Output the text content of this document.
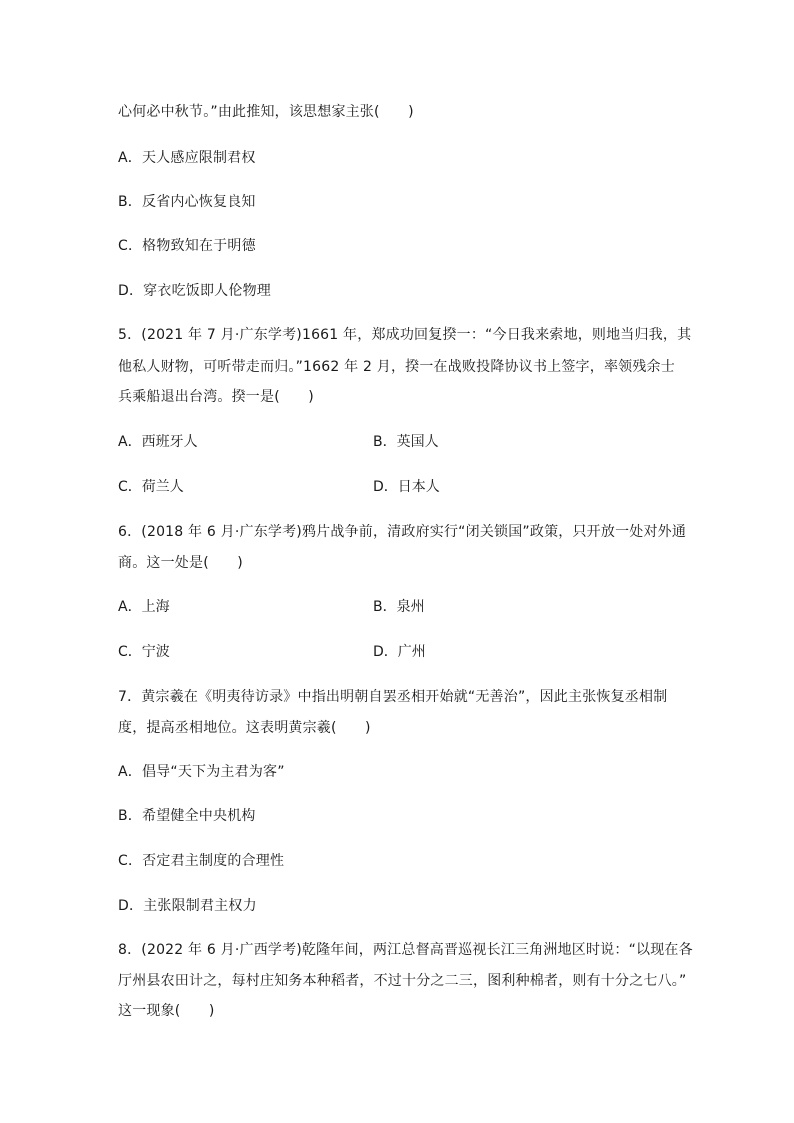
心何必中秋节。”由此推知，该思想家主张(　　)
A．天人感应限制君权
B．反省内心恢复良知
C．格物致知在于明德
D．穿衣吃饭即人伦物理
5．(2021 年 7 月·广东学考)1661 年，郑成功回复揆一：“今日我来索地，则地当归我，其
他私人财物，可听带走而归。”1662 年 2 月，揆一在战败投降协议书上签字，率领残余士
兵乘船退出台湾。揆一是(　　)
A．西班牙人	B．英国人
C．荷兰人	D．日本人
6．(2018 年 6 月·广东学考)鸦片战争前，清政府实行“闭关锁国”政策，只开放一处对外通
商。这一处是(　　)
A．上海	B．泉州
C．宁波	D．广州
7．黄宗羲在《明夷待访录》中指出明朝自罢丞相开始就“无善治”，因此主张恢复丞相制
度，提高丞相地位。这表明黄宗羲(　　)
A．倡导“天下为主君为客”
B．希望健全中央机构
C．否定君主制度的合理性
D．主张限制君主权力
8．(2022 年 6 月·广西学考)乾隆年间，两江总督高晋巡视长江三角洲地区时说：“以现在各
厅州县农田计之，每村庄知务本种稻者，不过十分之二三，图利种棉者，则有十分之七八。”
这一现象(　　)
